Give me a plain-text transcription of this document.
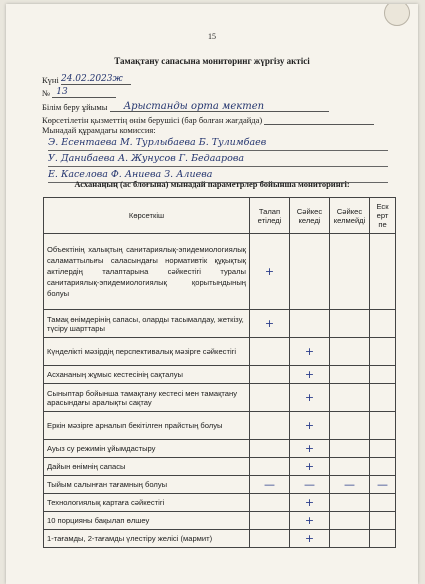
15
Тамақтану сапасына мониторинг жүргізу актісі
Күні 24.02.2023ж
№ 13
Білім беру ұйымы Арыстанды орта мектеп
Көрсетілетін қызметтің өнім берушісі (бар болған жағдайда)
Мынадай құрамдағы комиссия:
Э. Есентаева М. Турлыбаева Б. Тулимбаев
У. Данибаева А. Жунусов Г. Бедаарова
Е. Каселова Ф. Аниева З. Алиева
Асханаңың (ас блоғына) мынадай параметрлер бойынша мониторингі:
Көрсеткіш	Талап етіледі	Сәйкес келеді	Сәйкес келмейді	Еск ерт пе
Объектінің халықтың санитариялық-эпидемиологиялық саламаттылығы саласындағы нормативтік құқықтық актілердің талаптарына сәйкестігі туралы санитариялық-эпидемиологиялық қорытындының болуы	+			
Тамақ өнімдерінің сапасы, оларды тасымалдау, жеткізу, түсіру шарттары	+			
Күнделікті мәзірдің перспективалық мәзірге сәйкестігі		+		
Асхананың жұмыс кестесінің сақталуы		+		
Сыныптар бойынша тамақтану кестесі мен тамақтану арасындағы аралықты сақтау		+		
Еркін мәзірге арналып бекітілген прайстың болуы		+		
Ауыз су режимін ұйымдастыру		+		
Дайын өнімнің сапасы		+		
Тыйым салынған тағамның болуы	—	—	—	—
Технологиялық картаға сәйкестігі		+		
10 порцияны бақылап өлшеу		+		
1-тағамды, 2-тағамды үлестіру желісі (мармит)		+		
